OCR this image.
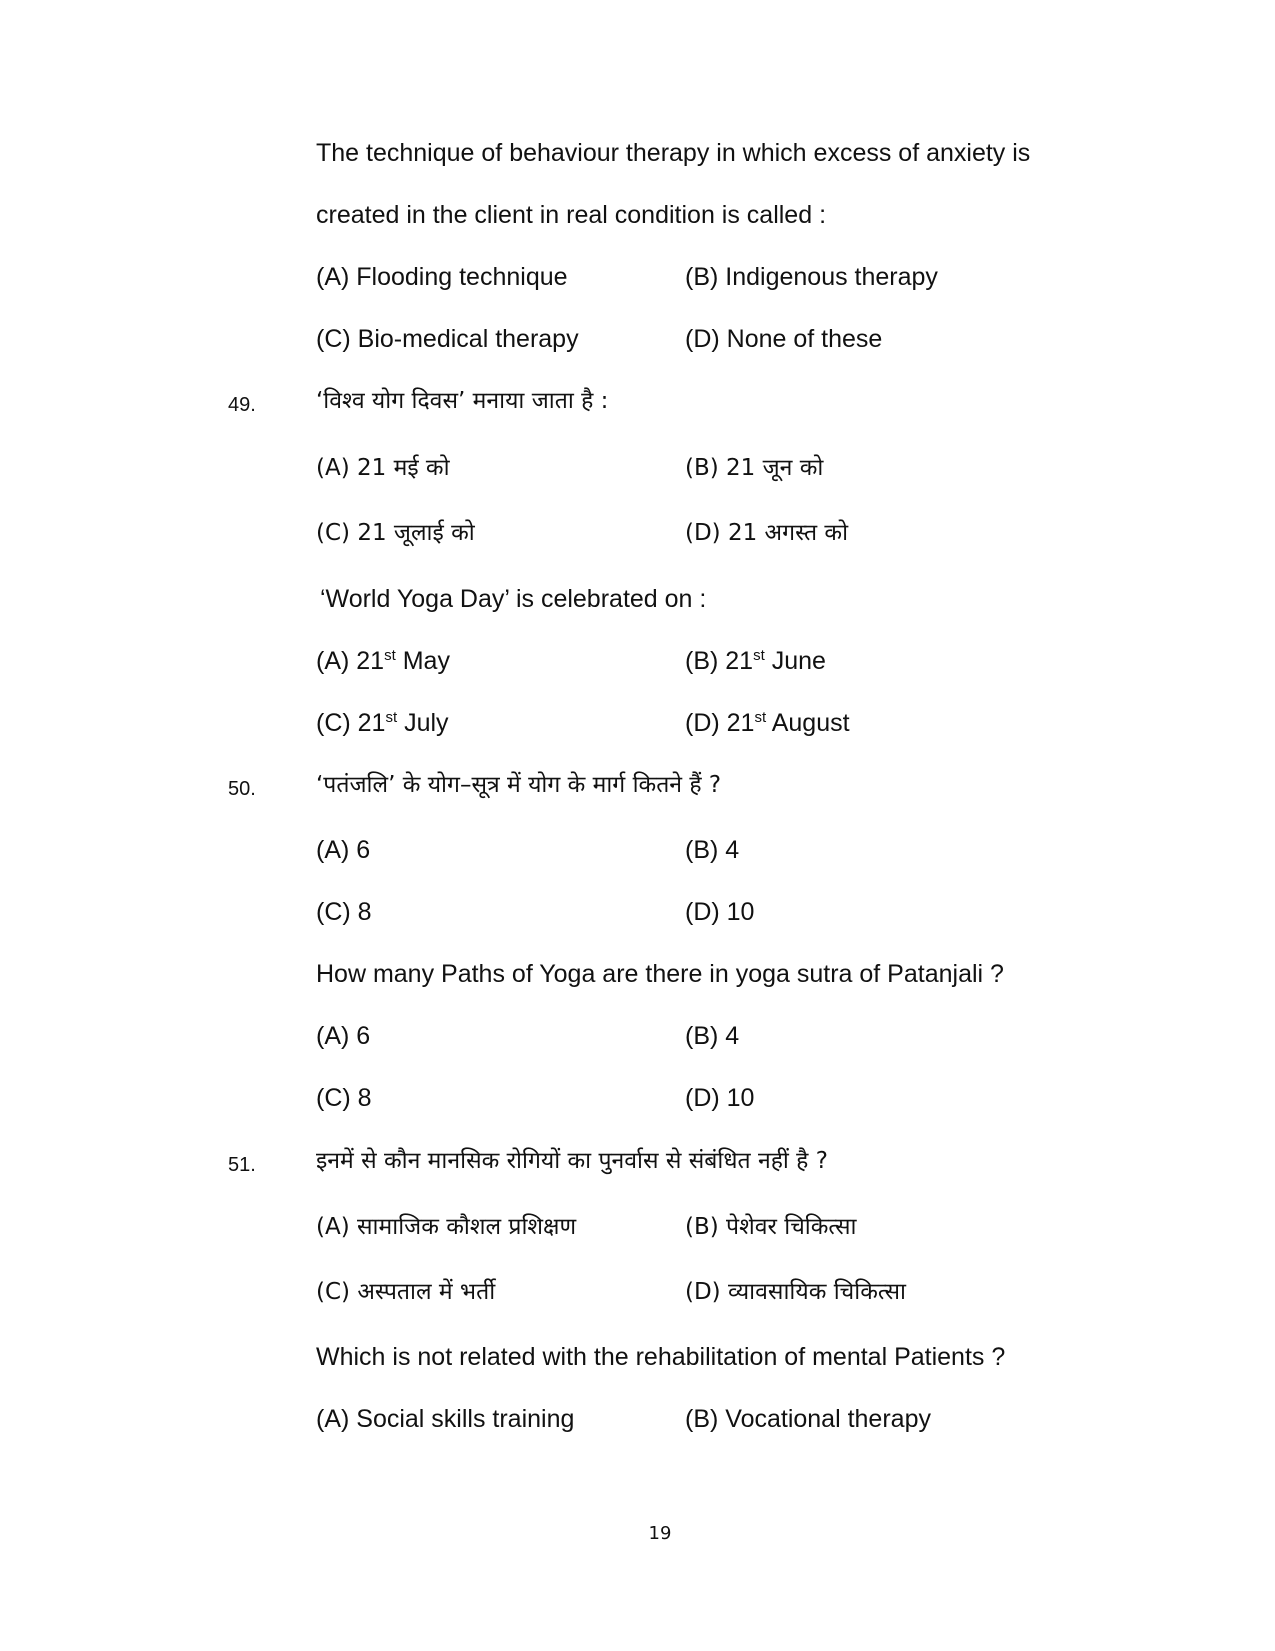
The technique of behaviour therapy in which excess of anxiety is
created in the client in real condition is called :
(A) Flooding technique	(B) Indigenous therapy
(C) Bio-medical therapy	(D) None of these
49.	‘विश्व योग दिवस’ मनाया जाता है :
(A) 21 मई को	(B) 21 जून को
(C) 21 जूलाई को	(D) 21 अगस्त को
‘World Yoga Day’ is celebrated on :
(A) 21st May	(B) 21st June
(C) 21st July	(D) 21st August
50.	‘पतंजलि’ के योग–सूत्र में योग के मार्ग कितने हैं ?
(A) 6	(B) 4
(C) 8	(D) 10
How many Paths of Yoga are there in yoga sutra of Patanjali ?
(A) 6	(B) 4
(C) 8	(D) 10
51.	इनमें से कौन मानसिक रोगियों का पुनर्वास से संबंधित नहीं है ?
(A) सामाजिक कौशल प्रशिक्षण	(B) पेशेवर चिकित्सा
(C) अस्पताल में भर्ती	(D) व्यावसायिक चिकित्सा
Which is not related with the rehabilitation of mental Patients ?
(A) Social skills training	(B) Vocational therapy
19
